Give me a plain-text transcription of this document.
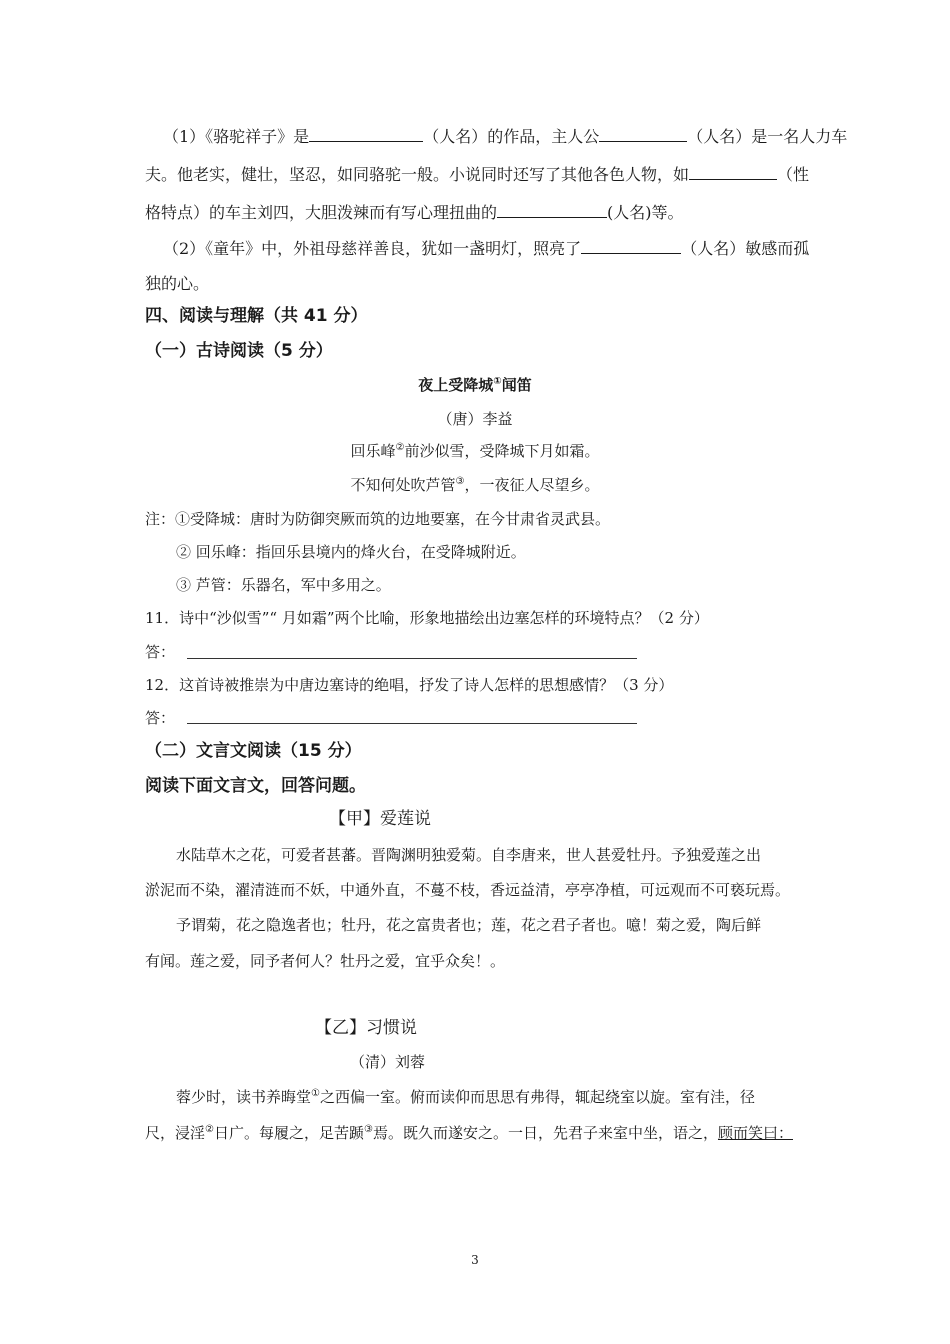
（1）《骆驼祥子》是	（人名）的作品，主人公	（人名）是一名人力车
夫。他老实，健壮，坚忍，如同骆驼一般。小说同时还写了其他各色人物，如	（性
格特点）的车主刘四，大胆泼辣而有写心理扭曲的	(人名)等。
（2）《童年》中，外祖母慈祥善良，犹如一盏明灯，照亮了	（人名）敏感而孤
独的心。
四、阅读与理解（共 41 分）
（一）古诗阅读（5 分）
夜上受降城①闻笛
（唐）李益
回乐峰②前沙似雪，受降城下月如霜。
不知何处吹芦管③，一夜征人尽望乡。
注：①受降城：唐时为防御突厥而筑的边地要塞，在今甘肃省灵武县。
② 回乐峰：指回乐县境内的烽火台，在受降城附近。
③ 芦管：乐器名，军中多用之。
11．诗中“沙似雪”“ 月如霜”两个比喻，形象地描绘出边塞怎样的环境特点？（2 分）
答：
12．这首诗被推崇为中唐边塞诗的绝唱，抒发了诗人怎样的思想感情？（3 分）
答：
（二）文言文阅读（15 分）
阅读下面文言文，回答问题。
【甲】爱莲说
水陆草木之花，可爱者甚蕃。晋陶渊明独爱菊。自李唐来，世人甚爱牡丹。予独爱莲之出
淤泥而不染，濯清涟而不妖，中通外直，不蔓不枝，香远益清，亭亭净植，可远观而不可亵玩焉。
予谓菊，花之隐逸者也；牡丹，花之富贵者也；莲，花之君子者也。噫！菊之爱，陶后鲜
有闻。莲之爱，同予者何人？牡丹之爱，宜乎众矣！。
【乙】习惯说
（清）刘蓉
蓉少时，读书养晦堂①之西偏一室。俯而读仰而思思有弗得，辄起绕室以旋。室有洼，径
尺，浸淫②日广。每履之，足苦踬③焉。既久而遂安之。一日，先君子来室中坐，语之，顾而笑曰：
3
